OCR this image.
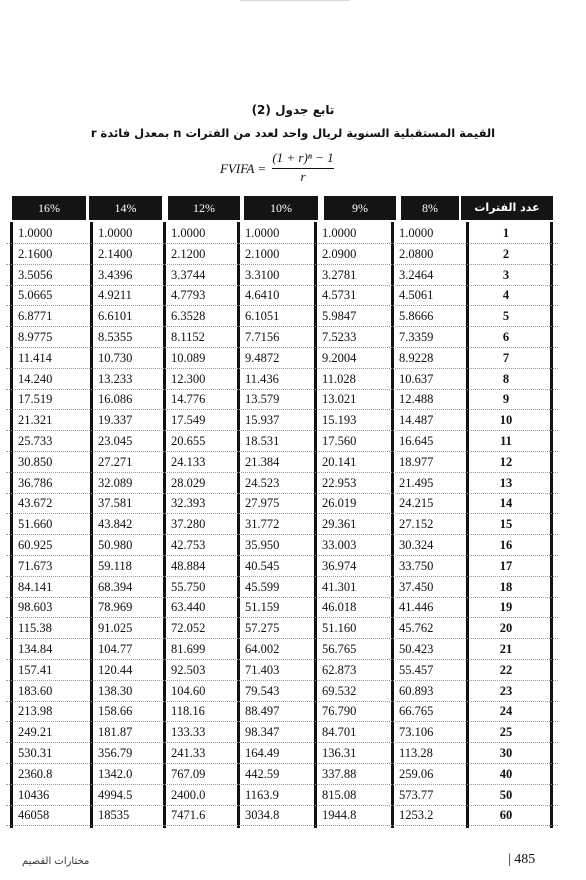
تابع جدول (2)
القيمة المستقبلية السنوية لريال واحد لعدد من الفترات n بمعدل فائدة r
FVIFA =
(1 + r)ⁿ − 1
r
16%	14%	12%	10%	9%	8%	عدد الفترات
1.0000	1.0000	1.0000	1.0000	1.0000	1.0000	1
2.1600	2.1400	2.1200	2.1000	2.0900	2.0800	2
3.5056	3.4396	3.3744	3.3100	3.2781	3.2464	3
5.0665	4.9211	4.7793	4.6410	4.5731	4.5061	4
6.8771	6.6101	6.3528	6.1051	5.9847	5.8666	5
8.9775	8.5355	8.1152	7.7156	7.5233	7.3359	6
11.414	10.730	10.089	9.4872	9.2004	8.9228	7
14.240	13.233	12.300	11.436	11.028	10.637	8
17.519	16.086	14.776	13.579	13.021	12.488	9
21.321	19.337	17.549	15.937	15.193	14.487	10
25.733	23.045	20.655	18.531	17.560	16.645	11
30.850	27.271	24.133	21.384	20.141	18.977	12
36.786	32.089	28.029	24.523	22.953	21.495	13
43.672	37.581	32.393	27.975	26.019	24.215	14
51.660	43.842	37.280	31.772	29.361	27.152	15
60.925	50.980	42.753	35.950	33.003	30.324	16
71.673	59.118	48.884	40.545	36.974	33.750	17
84.141	68.394	55.750	45.599	41.301	37.450	18
98.603	78.969	63.440	51.159	46.018	41.446	19
115.38	91.025	72.052	57.275	51.160	45.762	20
134.84	104.77	81.699	64.002	56.765	50.423	21
157.41	120.44	92.503	71.403	62.873	55.457	22
183.60	138.30	104.60	79.543	69.532	60.893	23
213.98	158.66	118.16	88.497	76.790	66.765	24
249.21	181.87	133.33	98.347	84.701	73.106	25
530.31	356.79	241.33	164.49	136.31	113.28	30
2360.8	1342.0	767.09	442.59	337.88	259.06	40
10436	4994.5	2400.0	1163.9	815.08	573.77	50
46058	18535	7471.6	3034.8	1944.8	1253.2	60
مختارات القصيم	| 485
